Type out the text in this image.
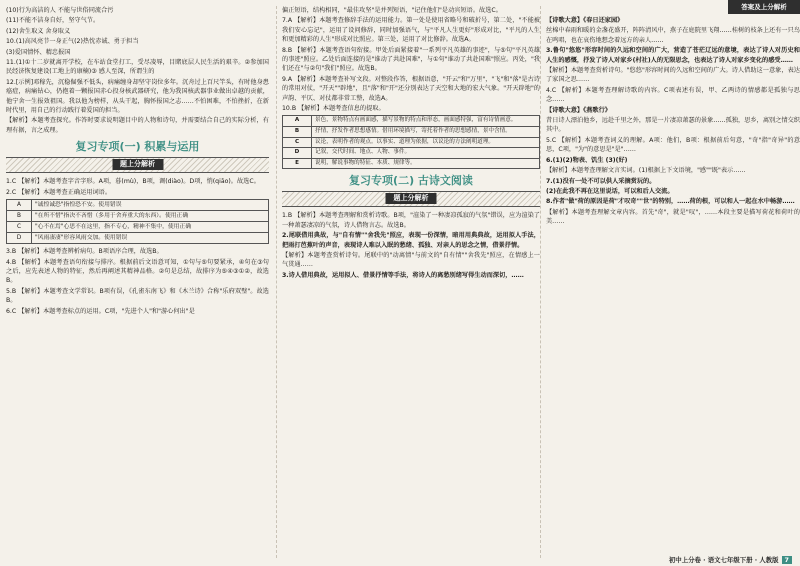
答案及上分解析

(10)行为高洁的人 不能与世俗同流合污

(11)不能不洁身自好，坚守气节。

(12)舍生取义 舍身取义

10.(1)高风亮节一身正气(2)热忱赤诚、勇于担当

(3)爱国情怀、精忠报国

11.(1)①十二岁就离开学校，在车站食堂打工，受尽凌辱，目睹底层人民生活的艰辛。②参加国民经济恢复建设(工地上的康楠)③ 感人至深，所谓生的

12.[示例]邓稼先，沉稳倔强不低头，病痛缠身却坚守岗位多年。沉舟过上百尺竿头，有时他身患癌症，病痛钻心，仍抱着一颗报国赤心投身核武器研究，他为我国核武器事业做出卓越的贡献，他宁舍一生报效祖国。我以他为榜样，从头干起，胸怀报国之志……不怕困难，不怕挫折，在新时代里，用自己的行动践行着爱国的担当。

【解析】本题考查探究。作答时要求说明题目中的人物和诗句，并需要结合自己的实际分析，有理有据，言之成理。

复习专项(一) 积累与运用
题上分解析

1.C 【解析】本题考查字音字形。A项，暮(mù)，B项，调(diào)。D项，悄(qiāo)。故选C。

2.C 【解析】本题考查正确运用词语。

A	"诚惶诚恐"指惶恐不安。使用错误
B	"在所不惜"指决不吝惜（多用于舍弃重大的东西）。使用正确
C	"心不在焉"心思不在这里，指不专心，精神不集中，使用正确
D	"风雨凄凄"形容风雨交加。使用错误

3.B 【解析】本题考查辨析病句。B项语序合理，故选B。

4.B 【解析】本题考查语句衔接与排序。根据前后文语意可知，①句与⑤句要紧承，④句在③句之后，应先表述人物的特征，然后再阐述其精神品格。②句是总结，故排序为⑤④③①②，故选B。

5.B 【解析】本题考查文学常识。B项有误，《孔雀东南飞》和《木兰诗》合称"乐府双璧"。故选B。

6.C 【解析】本题考查标点的运用。C项，"先进个人"和"游心何出"是

偏正短语，结构相同，"最佳攻坚"是并列短语，"记住他们"是动宾短语。故选C。

7.A 【解析】本题考查修辞手法的运用能力。第一处是使用省略号和破折号，第二处，"不能被我们安心忘记"，运用了设问修辞，同时加强语气，与"平凡人生更好"形成对比，"平凡的人生和更加精彩的人生"形成对比照应。第三处，运用了对比修辞。故选A。

8.B 【解析】本题考查语句衔接。甲处后面紧接着"一系列平凡英雄的事迹"，与⑤句"平凡英雄的事迹"照应。乙处后面连接的是"谁动了共赴国难"，与①句"谁动了共赴国难"照应。丙处，"我们还在"与②句"我们"照应。故选B。

9.A 【解析】本题考查补写文段。对整段作答，根据语意，"开云"和"万里"，"飞"和"落"是古诗的常用对仗，"开天""辟地"，且"落"和"开"还分别表达了天空和大地的宏大气象。"开天辟地"的声韵、平仄、对仗都非常工整，故选A。

10.B 【解析】本题考查信息的提取。

A	景色，景物特点有画面感，描写景物的特点和形态，画面感特强，富有诗情画意。
B	抒情，抒发作者思想感情。借用环境描写，寄托着作者的思想感情，景中含情。
C	议论，表明作者的观点。以事实、道理为依据，以议论的方法阐明道理。
D	记叙，交代时间、地点、人物、事件。
E	说明，解说事物的特征、本质、规律等。
复习专项(二) 古诗文阅读
题上分解析

1.B 【解析】本题考查理解和赏析诗歌。B项，"渲染了一种凄凉孤寂的气氛"错误，应为渲染了一种萧瑟凄凉的气氛，诗人借物言志。故选B。

2.尾联借用典故，与"自有情""舍我先"照应，表现一份深情，暗用用典典故，运用拟人手法，把雨打芭蕉叶的声音，表现诗人难以入眠的愁绪、孤独、对亲人的思念之情，借景抒情。

【解析】本题考查赏析诗句。尾联中的"动离情"与前文的"自有情""舍我先"照应，在情感上一气贯通……

3.诗人借用典故，运用拟人、借景抒情等手法，将诗人的离愁别绪写得生动而深切，……

【诗歌大意】《春日还家园》

丝棉中春雨和暖的金盏花盛开，阵阵清风中，燕子在庭院里飞翔……桂树的枝条上还有一只鸟在鸣唱，也在哀伤地想念着远方的亲人……

3.鲁句"悠悠"形容时间的久远和空间的广大，营造了苍茫辽远的意境，表达了诗人对历史和人生的感慨，抒发了诗人对家乡(村社)人的无限思念，也表达了诗人对家乡变化的感受……

【解析】本题考查赏析诗句。"悠悠"形容时间的久远和空间的广大。诗人借助这一意象，表达了家国之思……

4.C 【解析】本题考查理解诗歌的内容。C项表述有误，甲、乙两诗的情感都是孤独与思念……

【诗歌大意】《燕歌行》

昔日诗人漂泊他乡，远赴千里之外，那是一片凄凉萧瑟的景象……孤独，思乡，离别之情交织其中。

5.C 【解析】本题考查词义的理解。A项：他们，B项：根据前后句意，"奇"指"奇异"的意思，C项，"为"的意思是"是"……

6.(1)(2)物表、饥生 (3)(好)

【解析】本题考查理解文言实词。(1)根据上下文语境，"感""既"表示……

7.(1)没有一处不可以供人采摘赏玩的。

(2)在此我不再在这里说话，可以和后人交流。

8.作者"做"荷的原因是荷"才叹奇""世"的特别，……荷的根，可以和人一起在水中畅游……

【解析】本题考查理解文章内容。首先"奇"，就是"叹"，……本段主要是描写荷花和荷叶的美……

初中上分卷 · 语文七年级下册 · 人教版 7
